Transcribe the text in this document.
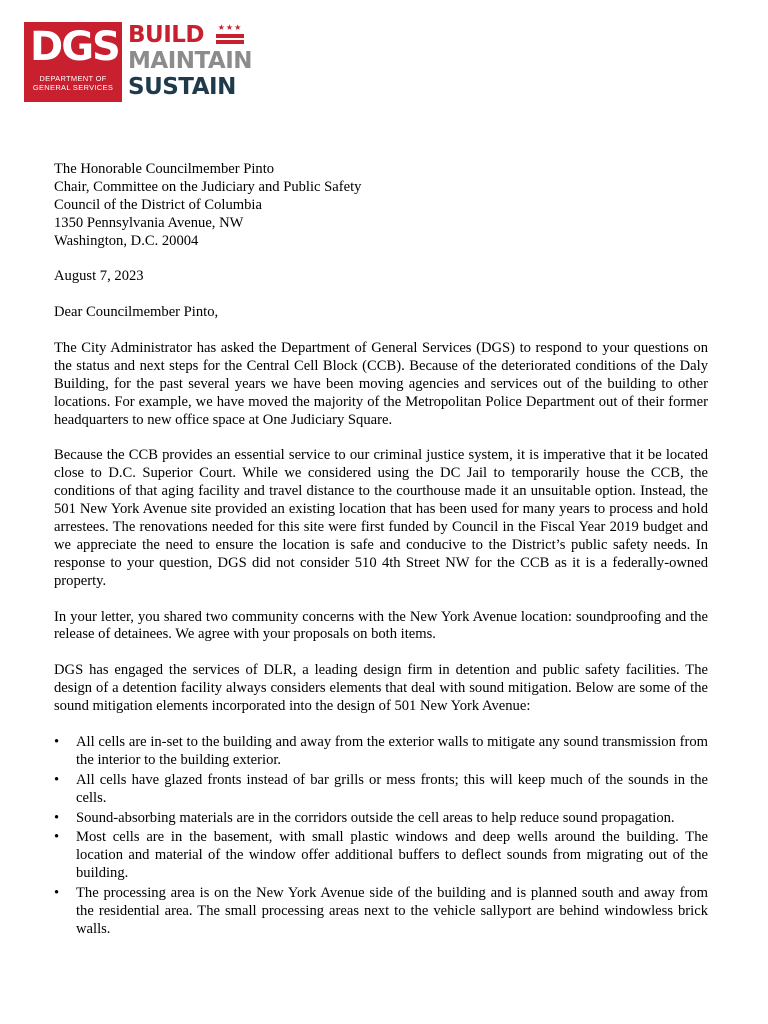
DGS
DEPARTMENT OF
GENERAL SERVICES
★★★
BUILD
MAINTAIN
SUSTAIN
The Honorable Councilmember Pinto
Chair, Committee on the Judiciary and Public Safety
Council of the District of Columbia
1350 Pennsylvania Avenue, NW
Washington, D.C. 20004
August 7, 2023
Dear Councilmember Pinto,

The City Administrator has asked the Department of General Services (DGS) to respond to your questions on the status and next steps for the Central Cell Block (CCB). Because of the deteriorated conditions of the Daly Building, for the past several years we have been moving agencies and services out of the building to other locations. For example, we have moved the majority of the Metropolitan Police Department out of their former headquarters to new office space at One Judiciary Square.

Because the CCB provides an essential service to our criminal justice system, it is imperative that it be located close to D.C. Superior Court. While we considered using the DC Jail to temporarily house the CCB, the conditions of that aging facility and travel distance to the courthouse made it an unsuitable option. Instead, the 501 New York Avenue site provided an existing location that has been used for many years to process and hold arrestees. The renovations needed for this site were first funded by Council in the Fiscal Year 2019 budget and we appreciate the need to ensure the location is safe and conducive to the District’s public safety needs. In response to your question, DGS did not consider 510 4th Street NW for the CCB as it is a federally-owned property.

In your letter, you shared two community concerns with the New York Avenue location: soundproofing and the release of detainees. We agree with your proposals on both items.

DGS has engaged the services of DLR, a leading design firm in detention and public safety facilities. The design of a detention facility always considers elements that deal with sound mitigation. Below are some of the sound mitigation elements incorporated into the design of 501 New York Avenue:

• All cells are in-set to the building and away from the exterior walls to mitigate any sound transmission from the interior to the building exterior.
• All cells have glazed fronts instead of bar grills or mess fronts; this will keep much of the sounds in the cells.
• Sound-absorbing materials are in the corridors outside the cell areas to help reduce sound propagation.
• Most cells are in the basement, with small plastic windows and deep wells around the building. The location and material of the window offer additional buffers to deflect sounds from migrating out of the building.
• The processing area is on the New York Avenue side of the building and is planned south and away from the residential area. The small processing areas next to the vehicle sallyport are behind windowless brick walls.
